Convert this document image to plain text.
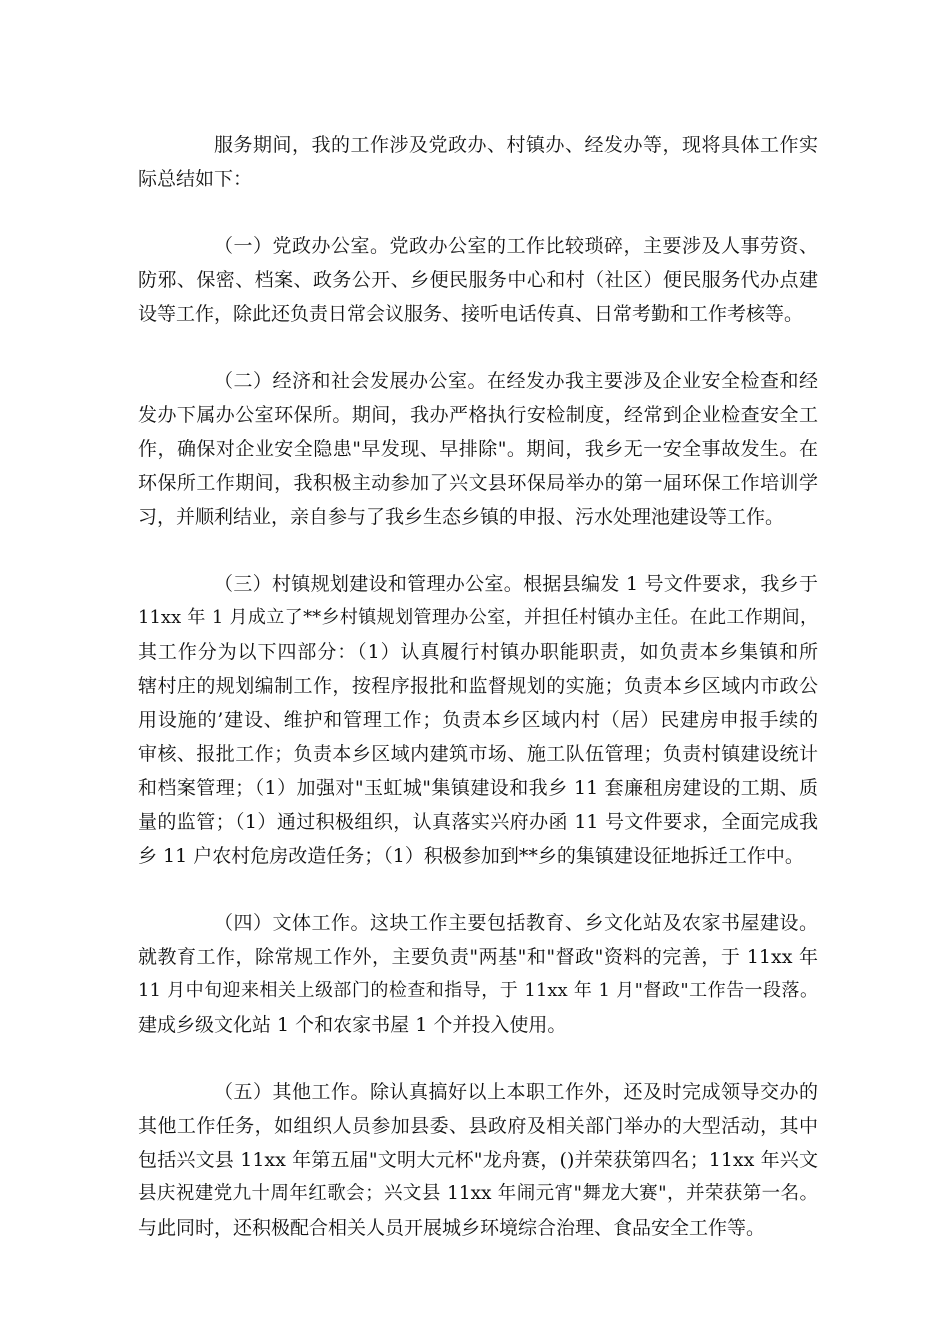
服务期间，我的工作涉及党政办、村镇办、经发办等，现将具体工作实
际总结如下：
（一）党政办公室。党政办公室的工作比较琐碎，主要涉及人事劳资、
防邪、保密、档案、政务公开、乡便民服务中心和村（社区）便民服务代办点建
设等工作，除此还负责日常会议服务、接听电话传真、日常考勤和工作考核等。
（二）经济和社会发展办公室。在经发办我主要涉及企业安全检查和经
发办下属办公室环保所。期间，我办严格执行安检制度，经常到企业检查安全工
作，确保对企业安全隐患"早发现、早排除"。期间，我乡无一安全事故发生。在
环保所工作期间，我积极主动参加了兴文县环保局举办的第一届环保工作培训学
习，并顺利结业，亲自参与了我乡生态乡镇的申报、污水处理池建设等工作。
（三）村镇规划建设和管理办公室。根据县编发 1 号文件要求，我乡于
11xx 年 1 月成立了**乡村镇规划管理办公室，并担任村镇办主任。在此工作期间，
其工作分为以下四部分：（1）认真履行村镇办职能职责，如负责本乡集镇和所
辖村庄的规划编制工作，按程序报批和监督规划的实施；负责本乡区域内市政公
用设施的’建设、维护和管理工作；负责本乡区域内村（居）民建房申报手续的
审核、报批工作；负责本乡区域内建筑市场、施工队伍管理；负责村镇建设统计
和档案管理；（1）加强对"玉虹城"集镇建设和我乡 11 套廉租房建设的工期、质
量的监管；（1）通过积极组织，认真落实兴府办函 11 号文件要求，全面完成我
乡 11 户农村危房改造任务；（1）积极参加到**乡的集镇建设征地拆迁工作中。
（四）文体工作。这块工作主要包括教育、乡文化站及农家书屋建设。
就教育工作，除常规工作外，主要负责"两基"和"督政"资料的完善，于 11xx 年
11 月中旬迎来相关上级部门的检查和指导，于 11xx 年 1 月"督政"工作告一段落。
建成乡级文化站 1 个和农家书屋 1 个并投入使用。
（五）其他工作。除认真搞好以上本职工作外，还及时完成领导交办的
其他工作任务，如组织人员参加县委、县政府及相关部门举办的大型活动，其中
包括兴文县 11xx 年第五届"文明大元杯"龙舟赛，()并荣获第四名；11xx 年兴文
县庆祝建党九十周年红歌会；兴文县 11xx 年闹元宵"舞龙大赛"，并荣获第一名。
与此同时，还积极配合相关人员开展城乡环境综合治理、食品安全工作等。
